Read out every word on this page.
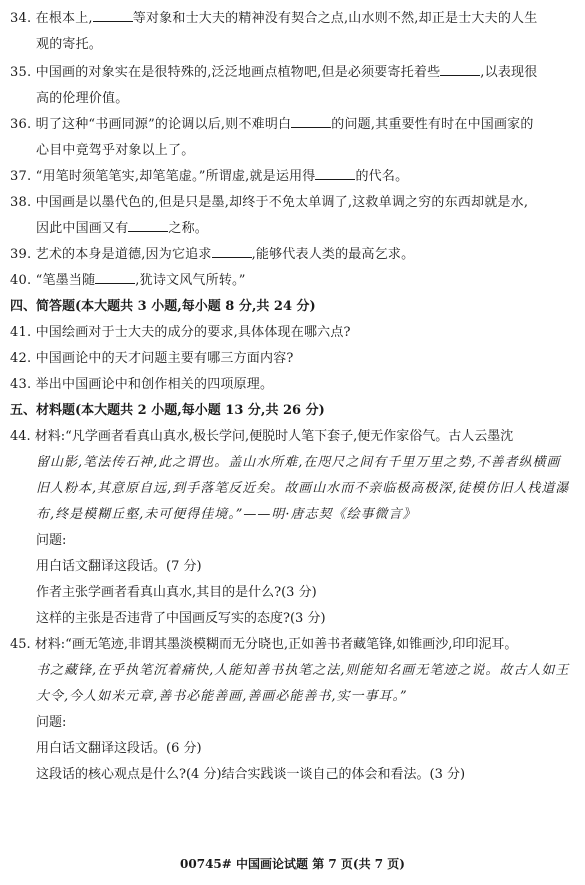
34. 在根本上,	等对象和士大夫的精神没有契合之点,山水则不然,却正是士大夫的人生
观的寄托。
35. 中国画的对象实在是很特殊的,泛泛地画点植物吧,但是必须要寄托着些	,以表现很
高的伦理价值。
36. 明了这种“书画同源”的论调以后,则不难明白	的问题,其重要性有时在中国画家的
心目中竟驾乎对象以上了。
37. “用笔时须笔笔实,却笔笔虚。”所谓虚,就是运用得	的代名。
38. 中国画是以墨代色的,但是只是墨,却终于不免太单调了,这救单调之穷的东西却就是水,
因此中国画又有	之称。
39. 艺术的本身是道德,因为它追求	,能够代表人类的最高乞求。
40. “笔墨当随	,犹诗文风气所转。”
四、简答题(本大题共 3 小题,每小题 8 分,共 24 分)
41. 中国绘画对于士大夫的成分的要求,具体体现在哪六点?
42. 中国画论中的天才问题主要有哪三方面内容?
43. 举出中国画论中和创作相关的四项原理。
五、材料题(本大题共 2 小题,每小题 13 分,共 26 分)
44. 材料:“凡学画者看真山真水,极长学问,便脱时人笔下套子,便无作家俗气。古人云墨沈
留山影,笔法传石神,此之谓也。盖山水所难,在咫尺之间有千里万里之势,不善者纵横画
旧人粉本,其意原自远,到手落笔反近矣。故画山水而不亲临极高极深,徒模仿旧人栈道瀑
布,终是模糊丘壑,未可便得佳境。”——明·唐志契《绘事微言》
问题:
用白话文翻译这段话。(7 分)
作者主张学画者看真山真水,其目的是什么?(3 分)
这样的主张是否违背了中国画反写实的态度?(3 分)
45. 材料:“画无笔迹,非谓其墨淡模糊而无分晓也,正如善书者藏笔锋,如锥画沙,印印泥耳。
书之藏锋,在乎执笔沉着痛快,人能知善书执笔之法,则能知名画无笔迹之说。故古人如王
大令,今人如米元章,善书必能善画,善画必能善书,实一事耳。”
问题:
用白话文翻译这段话。(6 分)
这段话的核心观点是什么?(4 分)结合实践谈一谈自己的体会和看法。(3 分)
00745# 中国画论试题 第 7 页(共 7 页)
